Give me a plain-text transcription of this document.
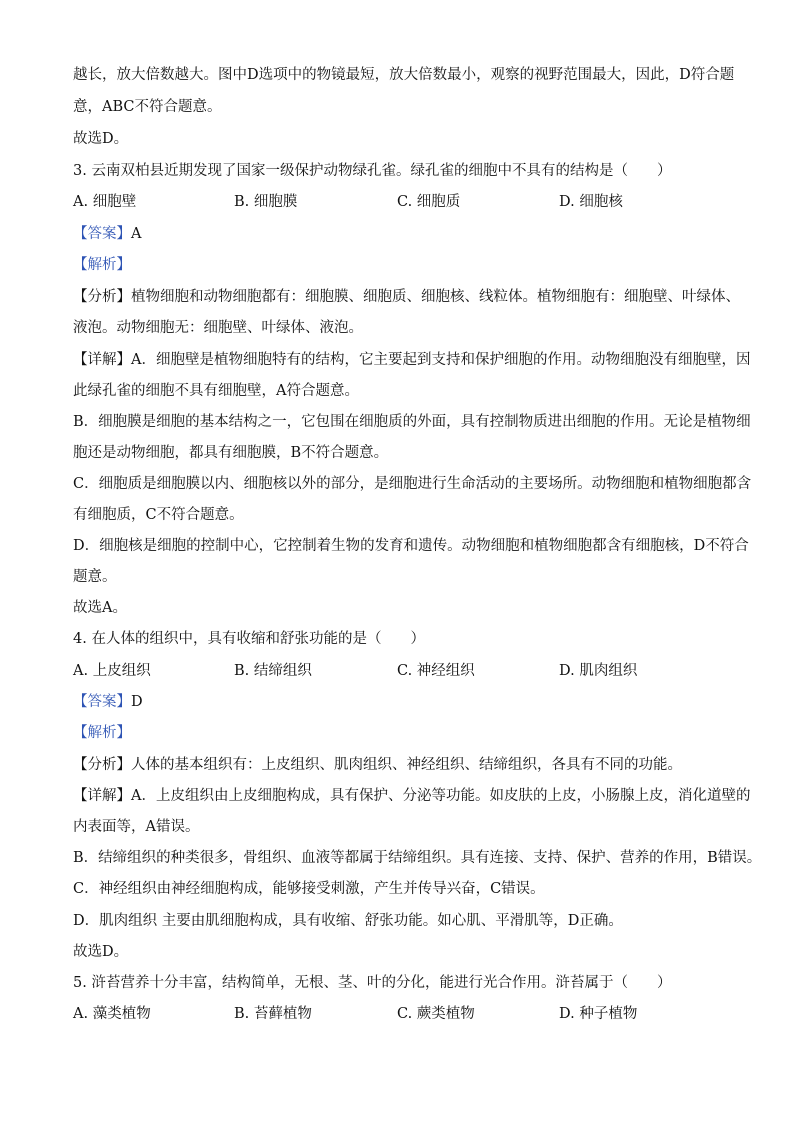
越长，放大倍数越大。图中D选项中的物镜最短，放大倍数最小，观察的视野范围最大，因此，D符合题

意，ABC不符合题意。

故选D。

3. 云南双柏县近期发现了国家一级保护动物绿孔雀。绿孔雀的细胞中不具有的结构是（　　）

A. 细胞壁	B. 细胞膜	C. 细胞质	D. 细胞核

【答案】A

【解析】

【分析】植物细胞和动物细胞都有：细胞膜、细胞质、细胞核、线粒体。植物细胞有：细胞壁、叶绿体、

液泡。动物细胞无：细胞壁、叶绿体、液泡。

【详解】A．细胞壁是植物细胞特有的结构，它主要起到支持和保护细胞的作用。动物细胞没有细胞壁，因

此绿孔雀的细胞不具有细胞壁，A符合题意。

B．细胞膜是细胞的基本结构之一，它包围在细胞质的外面，具有控制物质进出细胞的作用。无论是植物细

胞还是动物细胞，都具有细胞膜，B不符合题意。

C．细胞质是细胞膜以内、细胞核以外的部分，是细胞进行生命活动的主要场所。动物细胞和植物细胞都含

有细胞质，C不符合题意。

D．细胞核是细胞的控制中心，它控制着生物的发育和遗传。动物细胞和植物细胞都含有细胞核，D不符合

题意。

故选A。

4. 在人体的组织中，具有收缩和舒张功能的是（　　）

A. 上皮组织	B. 结缔组织	C. 神经组织	D. 肌肉组织

【答案】D

【解析】

【分析】人体的基本组织有：上皮组织、肌肉组织、神经组织、结缔组织，各具有不同的功能。

【详解】A．上皮组织由上皮细胞构成，具有保护、分泌等功能。如皮肤的上皮，小肠腺上皮，消化道壁的

内表面等，A错误。

B．结缔组织的种类很多，骨组织、血液等都属于结缔组织。具有连接、支持、保护、营养的作用，B错误。

C．神经组织由神经细胞构成，能够接受刺激，产生并传导兴奋，C错误。

D．肌肉组织 主要由肌细胞构成，具有收缩、舒张功能。如心肌、平滑肌等，D正确。

故选D。

5. 浒苔营养十分丰富，结构简单，无根、茎、叶的分化，能进行光合作用。浒苔属于（　　）

A. 藻类植物	B. 苔藓植物	C. 蕨类植物	D. 种子植物
